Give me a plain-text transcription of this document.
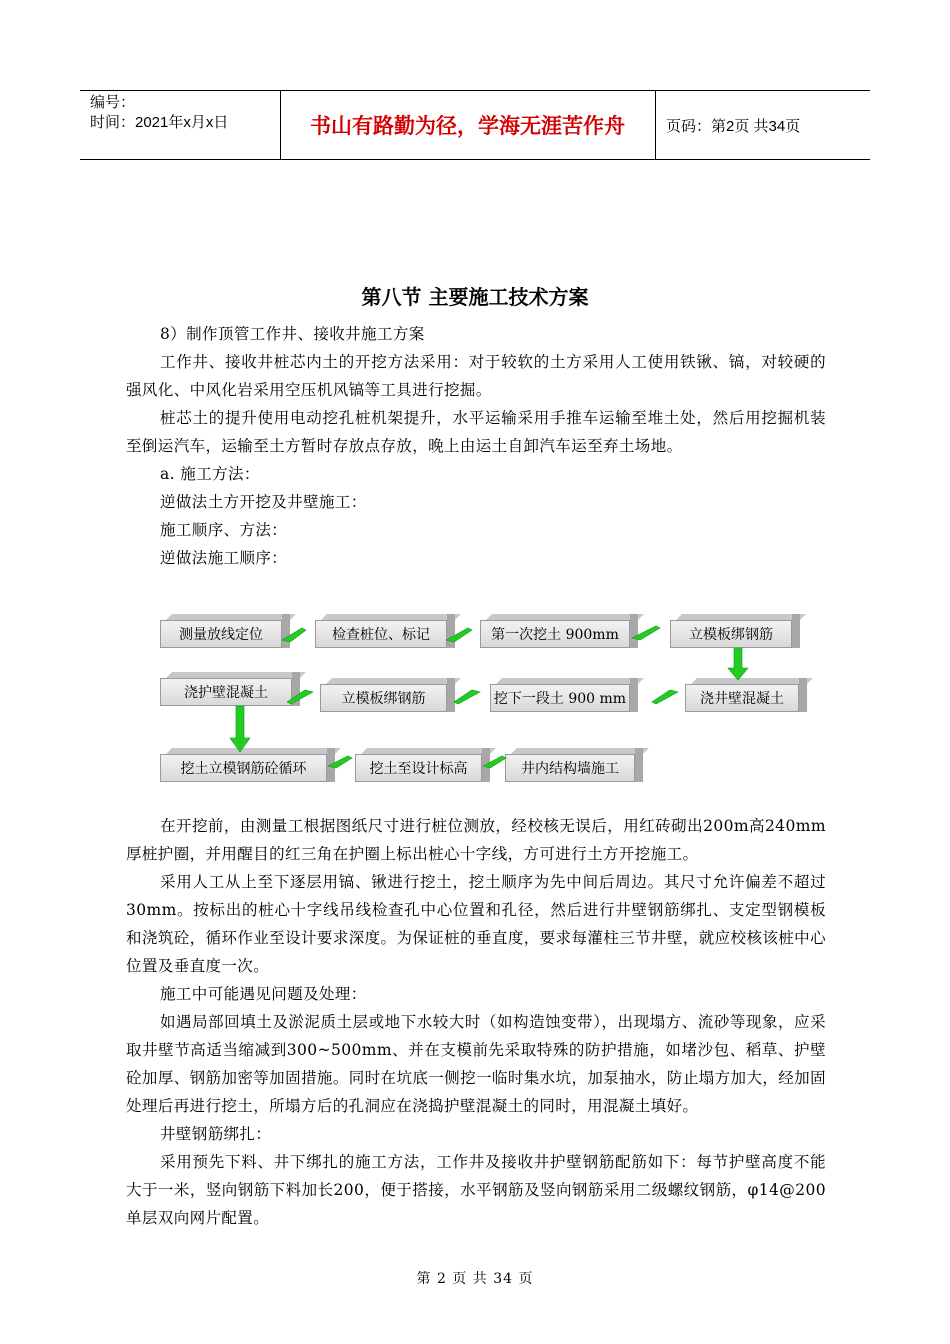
编号：
时间：2021年x月x日	书山有路勤为径，学海无涯苦作舟	页码：第2页 共34页
第八节 主要施工技术方案

8）制作顶管工作井、接收井施工方案

工作井、接收井桩芯内土的开挖方法采用：对于较软的土方采用人工使用铁锹、镐，对较硬的强风化、中风化岩采用空压机风镐等工具进行挖掘。

桩芯土的提升使用电动挖孔桩机架提升，水平运输采用手推车运输至堆土处，然后用挖掘机装至倒运汽车，运输至土方暂时存放点存放，晚上由运土自卸汽车运至弃土场地。

a. 施工方法：

逆做法土方开挖及井壁施工：

施工顺序、方法：

逆做法施工顺序：

测量放线定位	检查桩位、标记	第一次挖土 900mm	立模板绑钢筋
浇护壁混凝土	立模板绑钢筋	挖下一段土 900 mm	浇井壁混凝土
挖土立模钢筋砼循环	挖土至设计标高	井内结构墙施工

在开挖前，由测量工根据图纸尺寸进行桩位测放，经校核无误后，用红砖砌出200m高240mm厚桩护圈，并用醒目的红三角在护圈上标出桩心十字线，方可进行土方开挖施工。

采用人工从上至下逐层用镐、锹进行挖土，挖土顺序为先中间后周边。其尺寸允许偏差不超过30mm。按标出的桩心十字线吊线检查孔中心位置和孔径，然后进行井壁钢筋绑扎、支定型钢模板和浇筑砼，循环作业至设计要求深度。为保证桩的垂直度，要求每灌柱三节井壁，就应校核该桩中心位置及垂直度一次。

施工中可能遇见问题及处理：

如遇局部回填土及淤泥质土层或地下水较大时（如构造蚀变带），出现塌方、流砂等现象，应采取井壁节高适当缩减到300~500mm、并在支模前先采取特殊的防护措施，如堵沙包、稻草、护壁砼加厚、钢筋加密等加固措施。同时在坑底一侧挖一临时集水坑，加泵抽水，防止塌方加大，经加固处理后再进行挖土，所塌方后的孔洞应在浇捣护壁混凝土的同时，用混凝土填好。

井壁钢筋绑扎：

采用预先下料、井下绑扎的施工方法，工作井及接收井护壁钢筋配筋如下：每节护壁高度不能大于一米，竖向钢筋下料加长200，便于搭接，水平钢筋及竖向钢筋采用二级螺纹钢筋，φ14@200单层双向网片配置。

第 2 页 共 34 页
